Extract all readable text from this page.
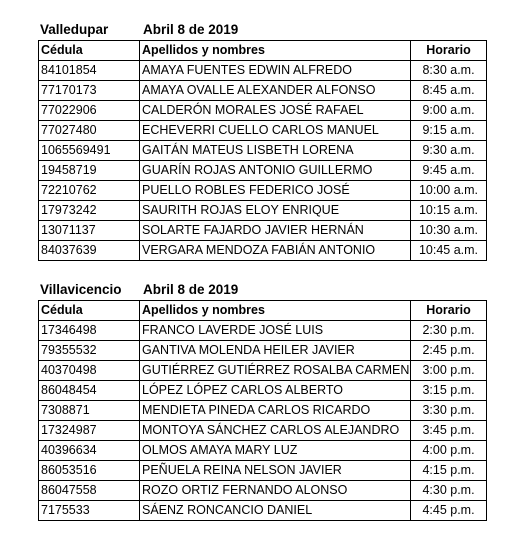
Valledupar	Abril 8 de 2019
Cédula	Apellidos y nombres	Horario
84101854	AMAYA FUENTES EDWIN ALFREDO	8:30 a.m.
77170173	AMAYA OVALLE ALEXANDER ALFONSO	8:45 a.m.
77022906	CALDERÓN MORALES JOSÉ RAFAEL	9:00 a.m.
77027480	ECHEVERRI CUELLO CARLOS MANUEL	9:15 a.m.
1065569491	GAITÁN MATEUS LISBETH LORENA	9:30 a.m.
19458719	GUARÍN ROJAS ANTONIO GUILLERMO	9:45 a.m.
72210762	PUELLO ROBLES FEDERICO JOSÉ	10:00 a.m.
17973242	SAURITH ROJAS ELOY ENRIQUE	10:15 a.m.
13071137	SOLARTE FAJARDO JAVIER HERNÁN	10:30 a.m.
84037639	VERGARA MENDOZA FABIÁN ANTONIO	10:45 a.m.
Villavicencio Abril 8 de 2019
Cédula	Apellidos y nombres	Horario
17346498	FRANCO LAVERDE JOSÉ LUIS	2:30 p.m.
79355532	GANTIVA MOLENDA HEILER JAVIER	2:45 p.m.
40370498	GUTIÉRREZ GUTIÉRREZ ROSALBA CARMEN	3:00 p.m.
86048454	LÓPEZ LÓPEZ CARLOS ALBERTO	3:15 p.m.
7308871	MENDIETA PINEDA CARLOS RICARDO	3:30 p.m.
17324987	MONTOYA SÁNCHEZ CARLOS ALEJANDRO	3:45 p.m.
40396634	OLMOS AMAYA MARY LUZ	4:00 p.m.
86053516	PEÑUELA REINA NELSON JAVIER	4:15 p.m.
86047558	ROZO ORTIZ FERNANDO ALONSO	4:30 p.m.
7175533	SÁENZ RONCANCIO DANIEL	4:45 p.m.
